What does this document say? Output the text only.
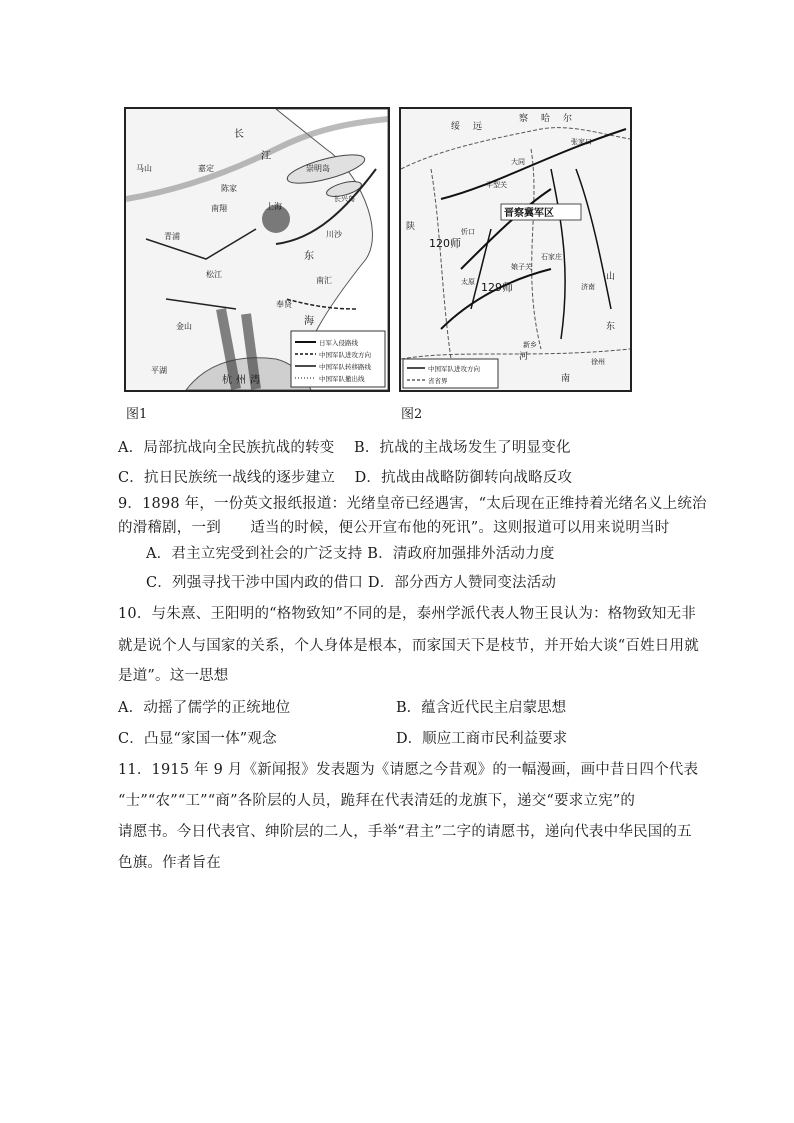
长
江
马山	嘉定
陈家
南翔	上海
川沙
青浦
松江
南汇
奉贤
金山
平湖
杭 州 湾
东
海
崇明岛
长兴岛
日军入侵路线
中国军队进攻方向
中国军队转移路线
中国军队撤出线
晋察冀军区
120师
129师
张家口
大同
平型关
太原
石家庄
忻口
娘子关
陕
绥 远
察 哈 尔
山
东
河
南
新乡
徐州
济南
中国军队进攻方向
省省界
图1	图2
A．局部抗战向全民族抗战的转变　 B．抗战的主战场发生了明显变化
C．抗日民族统一战线的逐步建立　 D．抗战由战略防御转向战略反攻
9．1898 年，一份英文报纸报道：光绪皇帝已经遇害，“太后现在正维持着光绪名义上统治
的滑稽剧，一到　　适当的时候，便公开宣布他的死讯”。这则报道可以用来说明当时
A．君主立宪受到社会的广泛支持 B．清政府加强排外活动力度
C．列强寻找干涉中国内政的借口 D．部分西方人赞同变法活动
10．与朱熹、王阳明的“格物致知”不同的是，泰州学派代表人物王艮认为：格物致知无非
就是说个人与国家的关系，个人身体是根本，而家国天下是枝节，并开始大谈“百姓日用就
是道”。这一思想
A．动摇了儒学的正统地位	B．蕴含近代民主启蒙思想
C．凸显“家国一体”观念	D．顺应工商市民利益要求
11．1915 年 9 月《新闻报》发表题为《请愿之今昔观》的一幅漫画，画中昔日四个代表
“士”“农”“工”“商”各阶层的人员，跪拜在代表清廷的龙旗下，递交“要求立宪”的
请愿书。今日代表官、绅阶层的二人，手举“君主”二字的请愿书，递向代表中华民国的五
色旗。作者旨在
